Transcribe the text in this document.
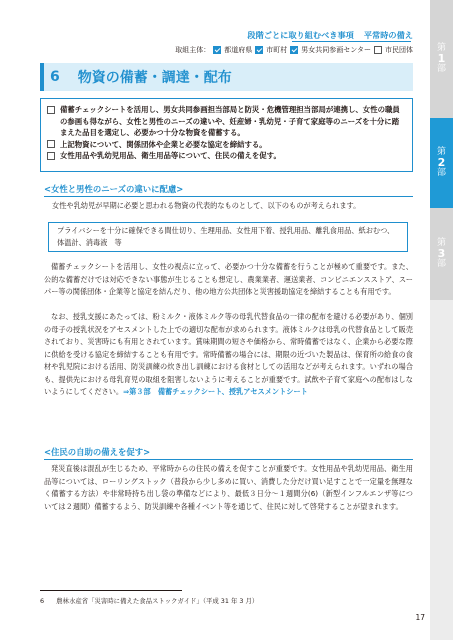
第
1
部
第
2
部
第
3
部
段階ごとに取り組むべき事項 平常時の備え
取組主体： 都道府県 市町村 男女共同参画センター 市民団体
6 物資の備蓄・調達・配布
備蓄チェックシートを活用し、男女共同参画担当部局と防災・危機管理担当部局が連携し、女性の職員の参画も得ながら、女性と男性のニーズの違いや、妊産婦・乳幼児・子育て家庭等のニーズを十分に踏まえた品目を選定し、必要かつ十分な物資を備蓄する。
上記物資について、関係団体や企業と必要な協定を締結する。
女性用品や乳幼児用品、衛生用品等について、住民の備えを促す。
<女性と男性のニーズの違いに配慮>
女性や乳幼児が早期に必要と思われる物資の代表的なものとして、以下のものが考えられます。
プライバシーを十分に確保できる間仕切り、生理用品、女性用下着、授乳用品、離乳食用品、紙おむつ、体温計、消毒液　等
備蓄チェックシートを活用し、女性の視点に立って、必要かつ十分な備蓄を行うことが極めて重要です。また、公的な備蓄だけでは対応できない事態が生じることも想定し、農業業者、運送業者、コンビニエンスストア、スーパー等の関係団体・企業等と協定を結んだり、他の地方公共団体と災害援助協定を締結することも有用です。
なお、授乳支援にあたっては、粉ミルク・液体ミルク等の母乳代替食品の一律の配布を避ける必要があり、個別の母子の授乳状況をアセスメントした上での適切な配布が求められます。液体ミルクは母乳の代替食品として販売されており、災害時にも有用とされています。賞味期間の短さや価格から、常時備蓄ではなく、企業から必要な際に供給を受ける協定を締結することも有用です。常時備蓄の場合には、期限の近づいた製品は、保育所の給食の食材や乳児院における活用、防災訓練の炊き出し訓練における食材としての活用などが考えられます。いずれの場合も、提供先における母乳育児の取組を阻害しないように考えることが重要です。試飲や子育て家庭への配布はしないようにしてください。⇒第３部　備蓄チェックシート、授乳アセスメントシート
<住民の自助の備えを促す>
発災直後は混乱が生じるため、平常時からの住民の備えを促すことが重要です。女性用品や乳幼児用品、衛生用品等については、ローリングストック（普段から少し多めに買い、消費した分だけ買い足すことで一定量を無理なく備蓄する方法）や非常時持ち出し袋の準備などにより、最低３日分～１週間分(6)（新型インフルエンザ等については２週間）備蓄するよう、防災訓練や各種イベント等を通じて、住民に対して啓発することが望まれます。
6 農林水産省「災害時に備えた食品ストックガイド」（平成 31 年 3 月）
17
